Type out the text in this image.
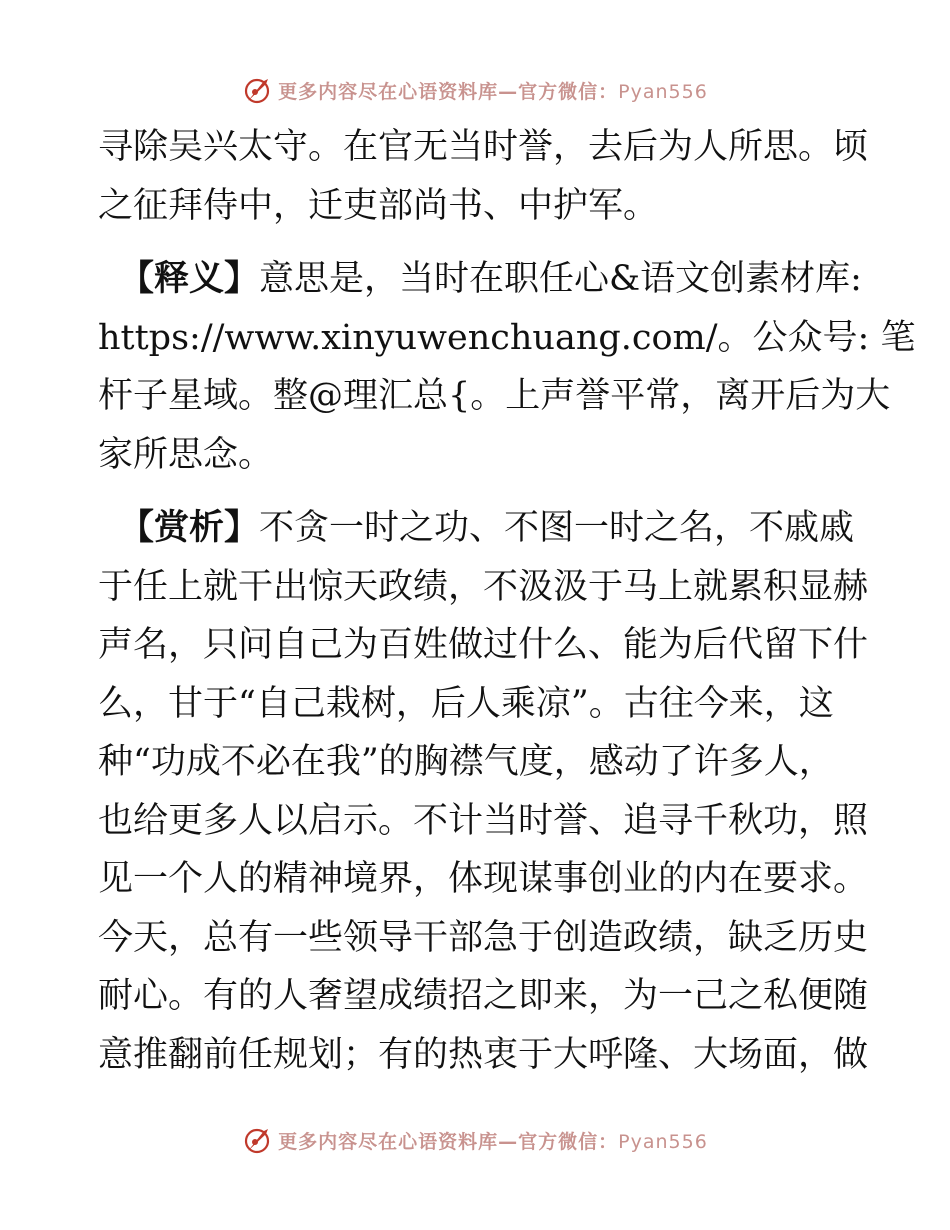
更多内容尽在心语资料库—官方微信：Pyan556

寻除吴兴太守。在官无当时誉，去后为人所思。顷
之征拜侍中，迁吏部尚书、中护军。

【释义】意思是，当时在职任心&语文创素材库:
https://www.xinyuwenchuang.com/。公众号: 笔
杆子星域。整@理汇总{。上声誉平常，离开后为大
家所思念。

【赏析】不贪一时之功、不图一时之名，不戚戚
于任上就干出惊天政绩，不汲汲于马上就累积显赫
声名，只问自己为百姓做过什么、能为后代留下什
么，甘于“自己栽树，后人乘凉”。古往今来，这
种“功成不必在我”的胸襟气度，感动了许多人，
也给更多人以启示。不计当时誉、追寻千秋功，照
见一个人的精神境界，体现谋事创业的内在要求。
今天，总有一些领导干部急于创造政绩，缺乏历史
耐心。有的人奢望成绩招之即来，为一己之私便随
意推翻前任规划；有的热衷于大呼隆、大场面，做

更多内容尽在心语资料库—官方微信：Pyan556
